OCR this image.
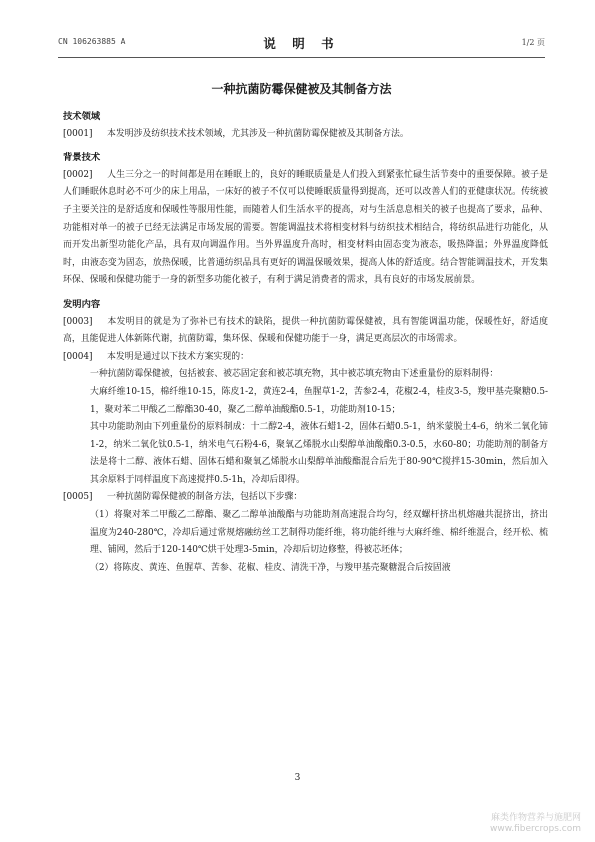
CN 106263885 A	说 明 书	1/2 页
一种抗菌防霉保健被及其制备方法
技术领域
[0001] 本发明涉及纺织技术技术领域，尤其涉及一种抗菌防霉保健被及其制备方法。
背景技术
[0002] 人生三分之一的时间都是用在睡眠上的，良好的睡眠质量是人们投入到紧张忙碌生活节奏中的重要保障。被子是人们睡眠休息时必不可少的床上用品，一床好的被子不仅可以使睡眠质量得到提高，还可以改善人们的亚健康状况。传统被子主要关注的是舒适度和保暖性等服用性能，而随着人们生活水平的提高，对与生活息息相关的被子也提高了要求，品种、功能相对单一的被子已经无法满足市场发展的需要。智能调温技术将相变材料与纺织技术相结合，将纺织品进行功能化，从而开发出新型功能化产品，具有双向调温作用。当外界温度升高时，相变材料由固态变为液态，吸热降温；外界温度降低时，由液态变为固态，放热保暖，比普通纺织品具有更好的调温保暖效果，提高人体的舒适度。结合智能调温技术，开发集环保、保暖和保健功能于一身的新型多功能化被子，有利于满足消费者的需求，具有良好的市场发展前景。
发明内容
[0003] 本发明目的就是为了弥补已有技术的缺陷，提供一种抗菌防霉保健被，具有智能调温功能，保暖性好，舒适度高，且能促进人体新陈代谢，抗菌防霉，集环保、保暖和保健功能于一身，满足更高层次的市场需求。
[0004] 本发明是通过以下技术方案实现的：
一种抗菌防霉保健被，包括被套、被芯固定套和被芯填充物，其中被芯填充物由下述重量份的原料制得：
大麻纤维10-15，棉纤维10-15，陈皮1-2，黄连2-4，鱼腥草1-2，苦参2-4，花椒2-4，桂皮3-5，羧甲基壳聚糖0.5-1，聚对苯二甲酸乙二醇酯30-40，聚乙二醇单油酸酯0.5-1，功能助剂10-15；
其中功能助剂由下列重量份的原料制成：十二醇2-4，液体石蜡1-2，固体石蜡0.5-1，纳米蒙脱土4-6，纳米二氧化铈1-2，纳米二氧化钛0.5-1，纳米电气石粉4-6，聚氧乙烯脱水山梨醇单油酸酯0.3-0.5，水60-80；功能助剂的制备方法是将十二醇、液体石蜡、固体石蜡和聚氧乙烯脱水山梨醇单油酸酯混合后先于80-90℃搅拌15-30min，然后加入其余原料于同样温度下高速搅拌0.5-1h，冷却后即得。
[0005] 一种抗菌防霉保健被的制备方法，包括以下步骤：
（1）将聚对苯二甲酸乙二醇酯、聚乙二醇单油酸酯与功能助剂高速混合均匀，经双螺杆挤出机熔融共混挤出，挤出温度为240-280℃，冷却后通过常规熔融纺丝工艺制得功能纤维，将功能纤维与大麻纤维、棉纤维混合，经开松、梳理、铺网，然后于120-140℃烘干处理3-5min，冷却后切边修整，得被芯坯体；
（2）将陈皮、黄连、鱼腥草、苦参、花椒、桂皮、清洗干净，与羧甲基壳聚糖混合后按固液
3
麻类作物营养与施肥网
www.fibercrops.com
